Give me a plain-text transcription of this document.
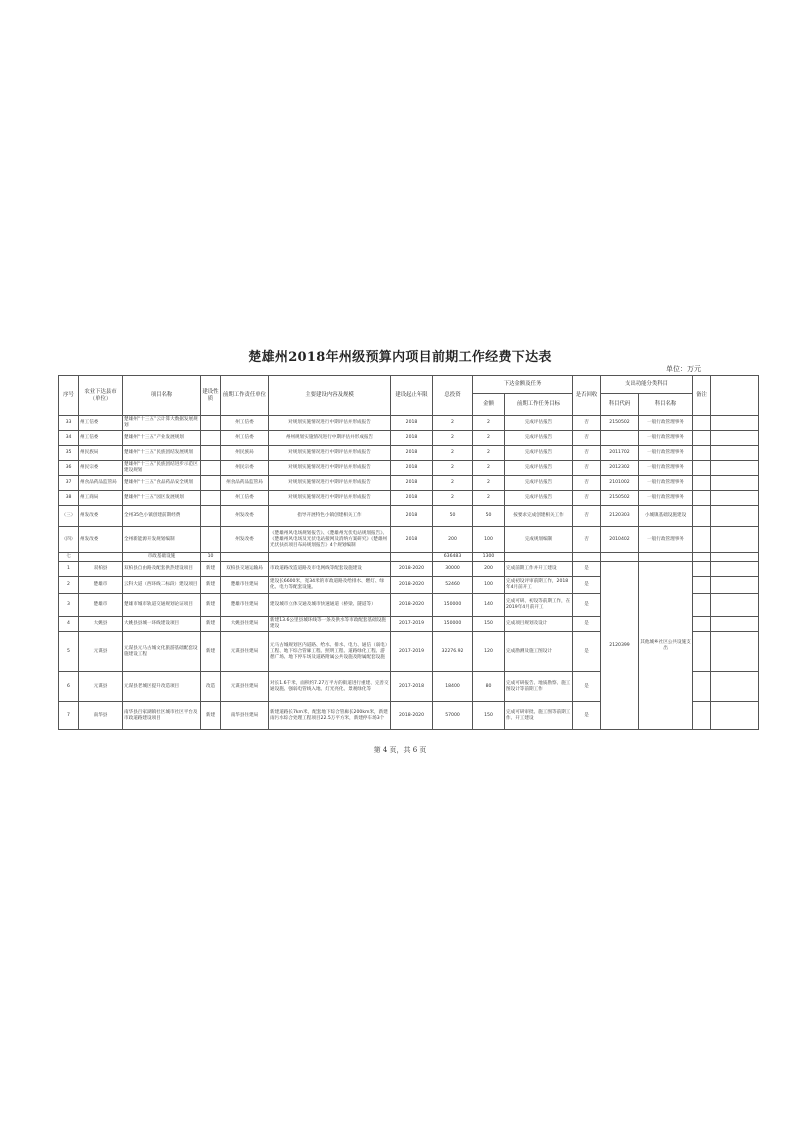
楚雄州2018年州级预算内项目前期工作经费下达表
单位：万元
序号	农业下达县市（单位）	项目名称	建设性质	前期工作责任单位	主要建设内容及规模	建设起止年限	总投资	下达金额及任务		是否回收	支出功能分类科目		备注	
								金额	前期工作任务目标		科目代码	科目名称		
33	州工信委	楚雄州“十三五”云计算大数据发展规划		州工信委	对规划实施情况进行中期评估并形成报告	2018	2	2	完成评估报告	否	2150502	一般行政管理事务		
34	州工信委	楚雄州“十三五”产业发展规划		州工信委	州州规划实施情况进行中期评估并形成报告	2018	2	2	完成评估报告	否		一般行政管理事务		
35	州民族局	楚雄州“十三五”民族团结发展规划		州民族局	对规划实施情况进行中期评估并形成报告	2018	2	2	完成评估报告	否	2011702	一般行政管理事务		
36	州民宗委	楚雄州“十三五”民族团结进步示范区建设规划		州民宗委	对规划实施情况进行中期评估并形成报告	2018	2	2	完成评估报告	否	2012302	一般行政管理事务		
37	州食品药品监管局	楚雄州“十三五”食品药品安全规划		州食品药品监管局	对规划实施情况进行中期评估并形成报告	2018	2	2	完成评估报告	否	2101002	一般行政管理事务		
38	州工商局	楚雄州“十三五”园区发展规划		州工信委	对规划实施情况进行中期评估并形成报告	2018	2	2	完成评估报告	否	2150502	一般行政管理事务		
（三）	州发改委	全州35色小镇创建前期经费		州发改委	指导开展特色小镇创建相关工作	2018	50	50	按要求完成创建相关工作	否	2120303	小城镇基础设施建设		
（四）	州发改委	全州新能源开发规划编制		州发改委	《楚雄州风电场规划报告》、《楚雄州光伏电站规划报告》、《楚雄州风电场及光伏电站接网及消纳方案研究》《楚雄州光伏扶贫项目布局规划报告》4个规划编制	2018	200	100	完成规划编制	否	2010402	一般行政管理事务		
七		市政基础设施	10				636483	1300						
1	双柏县	双柏县自由路及配套供热建设项目	新建	双柏县交通运输局	市政道路改造道路及市电网线等配套设施建设	2018-2020	30000	200	完成前期工作并开工建设	是	2120399	其他城乡社区公共设施支出		
2	楚雄市	云科大道（西环线二标段）建设项目	新建	楚雄市住建局	建设长6600米，宽34米的市政道路及给排水、燃灯、绿化、电力等配套设施。	2018-2020	52460	100	完成初设评审前期工作，2018年4月前开工	是				
3	楚雄市	楚雄市城市轨道交通规划论证项目	新建	楚雄市住建局	建设城市立体交通及城市快速通道（桥梁、隧道等）	2018-2020	150000	140	完成可研、初设等前期工作，在2019年4月前开工	是				
4	大姚县	大姚县县城一环线建设项目	新建	大姚县住建局	新建13.6公里县城环线等一条及供水等市政配套基础设施建设	2017-2019	150000	150	完成项目规划及设计	是				
5	元谋县	元谋县元马古城文化旅游基础配套设施建设工程	新建	元谋县住建局	元马古城规划区内道路、给水、排水、电力、通信（弱电）工程、地下综合管廊工程、照明工程、道路绿化工程、游憩广场、地下停车场及道路附属公共设施及附属配套设施	2017-2019	32276.92	120	完成勘测及施工图设计	是				
6	元谋县	元谋县老城区提升改造项目	改造	元谋县住建局	对长1.6千米，面积约7.27万平方的街道进行重建、完善交通设施、强弱电管线入地、灯光亮化、景观绿化等	2017-2018	18400	80	完成可研报告、地质勘察、施工图设计等前期工作	是				
7	南华县	南华县百家湖镇社区城市社区平台及市政道路建设项目	新建	南华县住建局	新建道路长7km米，配套地下综合管廊长200km米，新建雨污水综合处理工程项目22.5万平方米，新建停车场3个	2018-2020	57000	150	完成可研审批、施工图等前期工作、开工建设	是				
第 4 页，共 6 页
